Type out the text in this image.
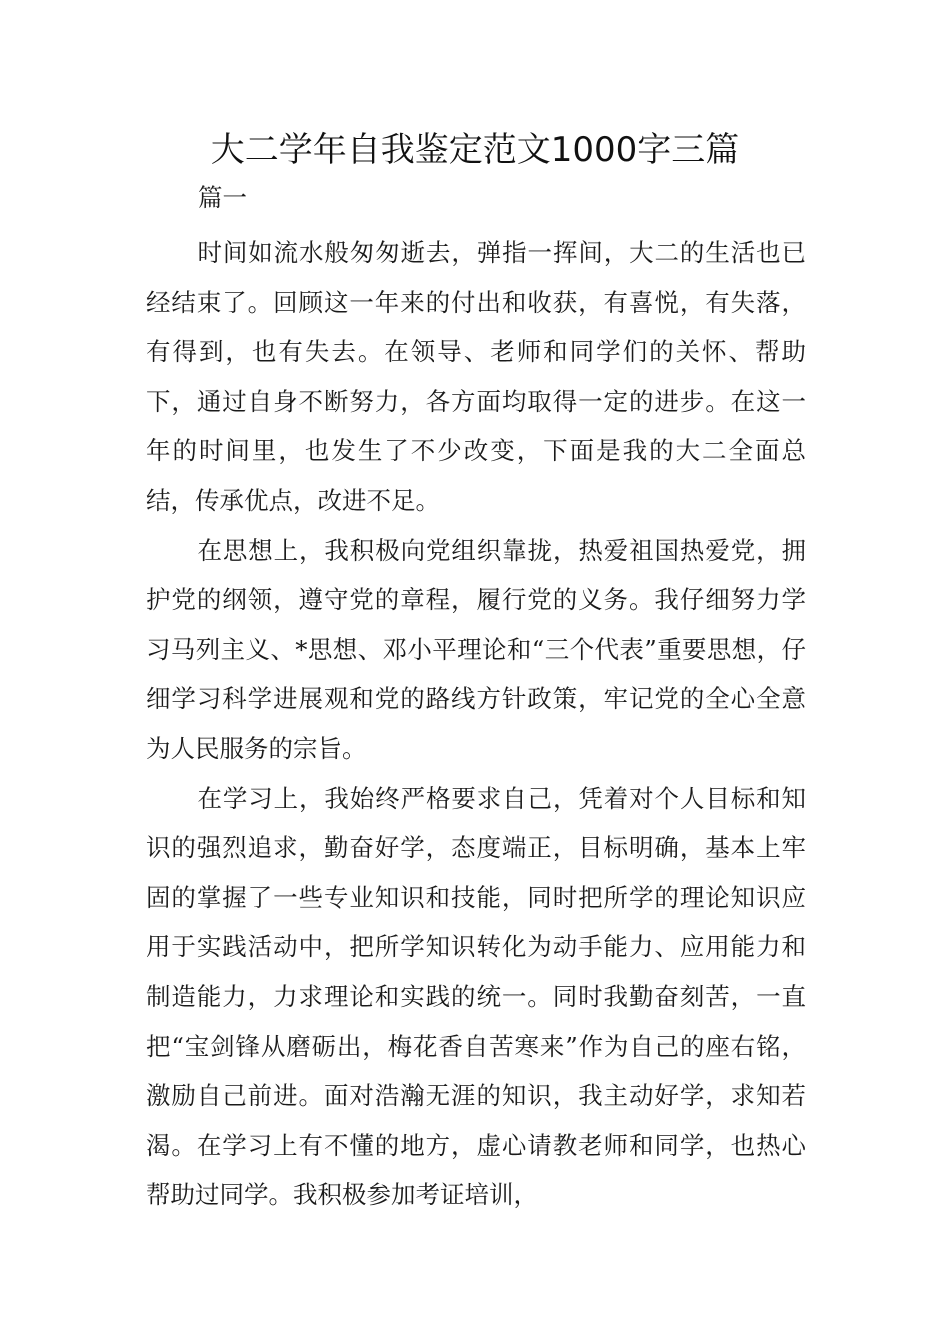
大二学年自我鉴定范文1000字三篇

篇一

时间如流水般匆匆逝去，弹指一挥间，大二的生活也已经结束了。回顾这一年来的付出和收获，有喜悦，有失落，有得到，也有失去。在领导、老师和同学们的关怀、帮助下，通过自身不断努力，各方面均取得一定的进步。在这一年的时间里，也发生了不少改变，下面是我的大二全面总结，传承优点，改进不足。

在思想上，我积极向党组织靠拢，热爱祖国热爱党，拥护党的纲领，遵守党的章程，履行党的义务。我仔细努力学习马列主义、*思想、邓小平理论和“三个代表”重要思想，仔细学习科学进展观和党的路线方针政策，牢记党的全心全意为人民服务的宗旨。

在学习上，我始终严格要求自己，凭着对个人目标和知识的强烈追求，勤奋好学，态度端正，目标明确，基本上牢固的掌握了一些专业知识和技能，同时把所学的理论知识应用于实践活动中，把所学知识转化为动手能力、应用能力和制造能力，力求理论和实践的统一。同时我勤奋刻苦，一直把“宝剑锋从磨砺出，梅花香自苦寒来”作为自己的座右铭，激励自己前进。面对浩瀚无涯的知识，我主动好学，求知若渴。在学习上有不懂的地方，虚心请教老师和同学，也热心帮助过同学。我积极参加考证培训，
